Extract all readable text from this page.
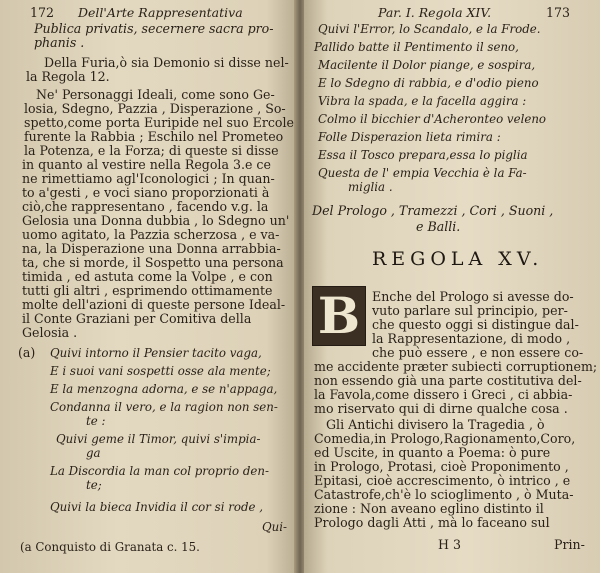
172 Dell'Arte Rappresentativa
Publica privatis, secernere sacra pro-
phanis .
Della Furia,ò sia Demonio si disse nel-
la Regola 12.
Ne' Personaggi Ideali, come sono Ge-
losia, Sdegno, Pazzia , Disperazione , So-
spetto,come porta Euripide nel suo Ercole
furente la Rabbia ; Eschilo nel Prometeo
la Potenza, e la Forza; di queste si disse
in quanto al vestire nella Regola 3.e ce
ne rimettiamo agl'Iconologici ; In quan-
to a'gesti , e voci siano proporzionati à
ciò,che rappresentano , facendo v.g. la
Gelosia una Donna dubbia , lo Sdegno un'
uomo agitato, la Pazzia scherzosa , e va-
na, la Disperazione una Donna arrabbia-
ta, che si morde, il Sospetto una persona
timida , ed astuta come la Volpe , e con
tutti gli altri , esprimendo ottimamente
molte dell'azioni di queste persone Ideal-
il Conte Graziani per Comitiva della
Gelosia .
(a) Quivi intorno il Pensier tacito vaga,
E i suoi vani sospetti osse ala mente;
E la menzogna adorna, e se n'appaga,
Condanna il vero, e la ragion non sen-
te :
Quivi geme il Timor, quivi s'impia-
ga
La Discordia la man col proprio den-
te;
Quivi la bieca Invidia il cor si rode ,
Qui-
(a Conquisto di Granata c. 15.
Par. I. Regola XIV.	173
Quivi l'Error, lo Scandalo, e la Frode.
Pallido batte il Pentimento il seno,
Macilente il Dolor piange, e sospira,
E lo Sdegno di rabbia, e d'odio pieno
Vibra la spada, e la facella aggira :
Colmo il bicchier d'Acheronteo veleno
Folle Disperazion lieta rimira :
Essa il Tosco prepara,essa lo piglia
Questa de l' empia Vecchia è la Fa-
miglia .
Del Prologo , Tramezzi , Cori , Suoni ,
e Balli.
REGOLA XV.
B Enche del Prologo si avesse do-
vuto parlare sul principio, per-
che questo oggi si distingue dal-
la Rappresentazione, di modo ,
che può essere , e non essere co-
me accidente præter subiecti corruptionem;
non essendo già una parte costitutiva del-
la Favola,come dissero i Greci , ci abbia-
mo riservato qui di dirne qualche cosa .
Gli Antichi divisero la Tragedia , ò
Comedia,in Prologo,Ragionamento,Coro,
ed Uscite, in quanto a Poema: ò pure
in Prologo, Protasi, cioè Proponimento ,
Epitasi, cioè accrescimento, ò intrico , e
Catastrofe,ch'è lo scioglimento , ò Muta-
zione : Non aveano eglino distinto il
Prologo dagli Atti , mà lo faceano sul
H 3	Prin-
